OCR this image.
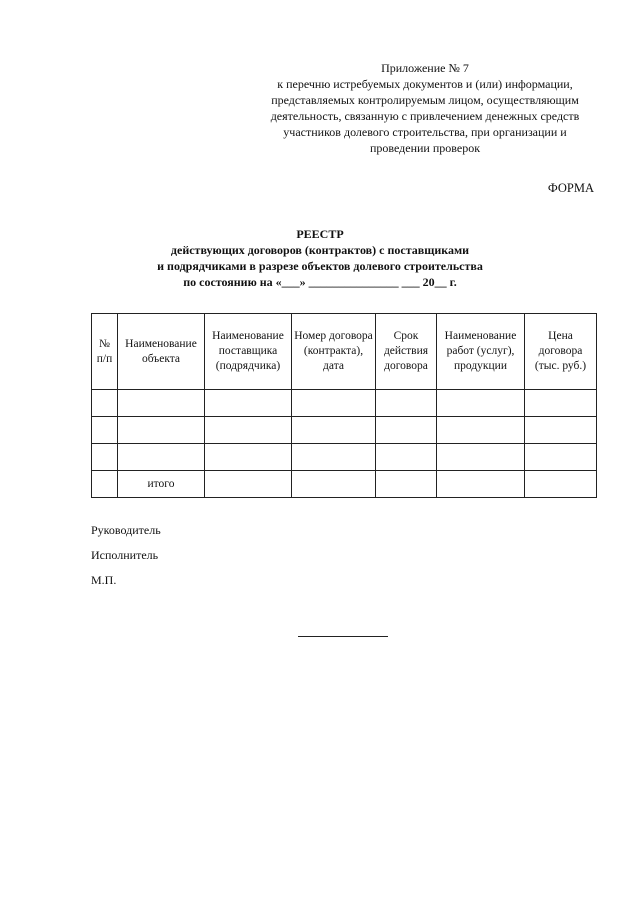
Приложение № 7
к перечню истребуемых документов и (или) информации,
представляемых контролируемым лицом, осуществляющим
деятельность, связанную с привлечением денежных средств
участников долевого строительства, при организации и
проведении проверок
ФОРМА
РЕЕСТР
действующих договоров (контрактов) с поставщиками
и подрядчиками в разрезе объектов долевого строительства
по состоянию на «___» _______________ ___ 20__ г.
№ п/п	Наименование объекта	Наименование поставщика (подрядчика)	Номер договора (контракта), дата	Срок действия договора	Наименование работ (услуг), продукции	Цена договора (тыс. руб.)

	итого					
Руководитель
Исполнитель
М.П.
